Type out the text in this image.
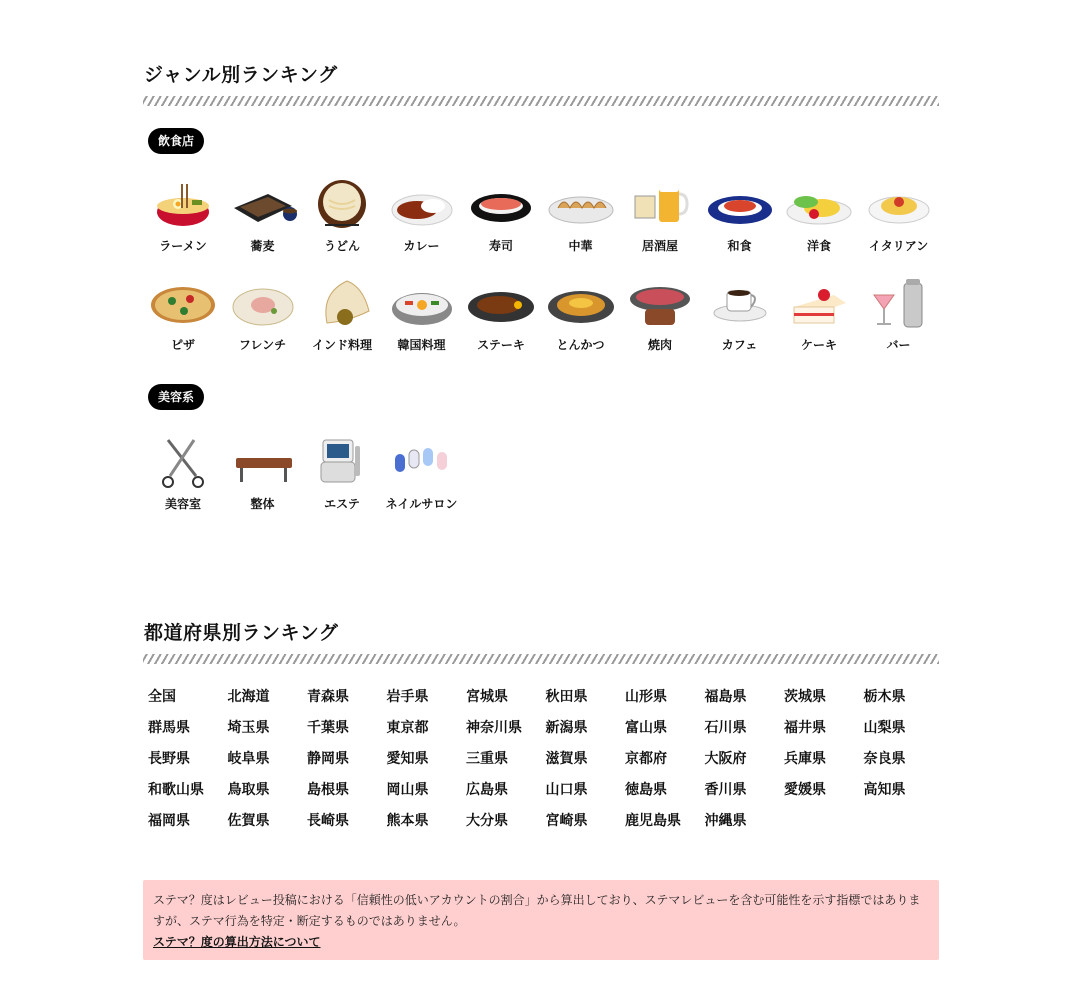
ジャンル別ランキング
飲食店
ラーメン	蕎麦	うどん	カレー	寿司	中華	居酒屋	和食	洋食	イタリアン
ピザ	フレンチ	インド料理	韓国料理	ステーキ	とんかつ	焼肉	カフェ	ケーキ	バー
美容系
美容室	整体	エステ	ネイルサロン
都道府県別ランキング
全国	北海道	青森県	岩手県	宮城県	秋田県	山形県	福島県	茨城県	栃木県
群馬県	埼玉県	千葉県	東京都	神奈川県	新潟県	富山県	石川県	福井県	山梨県
長野県	岐阜県	静岡県	愛知県	三重県	滋賀県	京都府	大阪府	兵庫県	奈良県
和歌山県	鳥取県	島根県	岡山県	広島県	山口県	徳島県	香川県	愛媛県	高知県
福岡県	佐賀県	長崎県	熊本県	大分県	宮崎県	鹿児島県	沖縄県

ステマ？度はレビュー投稿における「信頼性の低いアカウントの割合」から算出しており、ステマレビューを含む可能性を示す指標ではありますが、ステマ行為を特定・断定するものではありません。

ステマ？度の算出方法について
